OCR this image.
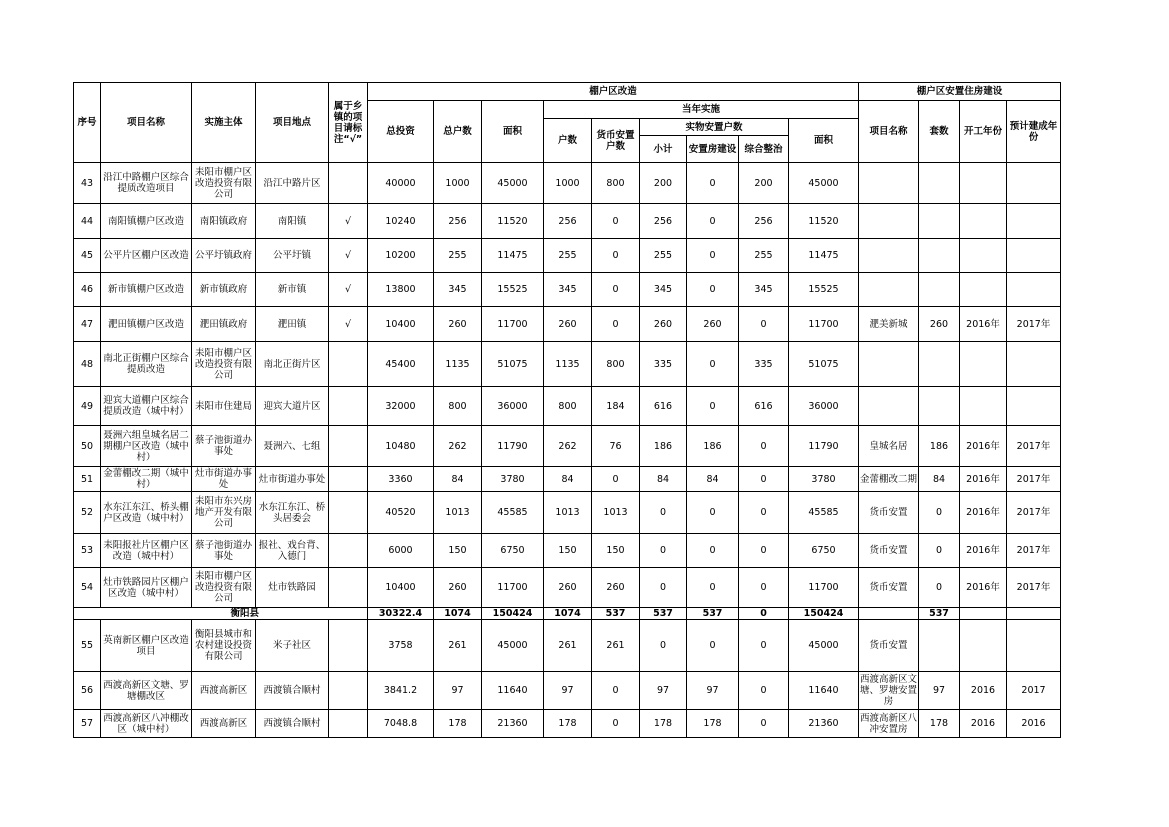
序号	项目名称	实施主体	项目地点	属于乡镇的项目请标注“√”	棚户区改造									棚户区安置住房建设			
					总投资	总户数	面积	当年实施						项目名称	套数	开工年份	预计建成年份
								户数	货币安置户数	实物安置户数			面积				
										小计	安置房建设	综合整治					
43	沿江中路棚户区综合提质改造项目	耒阳市棚户区改造投资有限公司	沿江中路片区		40000	1000	45000	1000	800	200	0	200	45000				
44	南阳镇棚户区改造	南阳镇政府	南阳镇	√	10240	256	11520	256	0	256	0	256	11520				
45	公平片区棚户区改造	公平圩镇政府	公平圩镇	√	10200	255	11475	255	0	255	0	255	11475				
46	新市镇棚户区改造	新市镇政府	新市镇	√	13800	345	15525	345	0	345	0	345	15525				
47	淝田镇棚户区改造	淝田镇政府	淝田镇	√	10400	260	11700	260	0	260	260	0	11700	淝美新城	260	2016年	2017年
48	南北正街棚户区综合提质改造	耒阳市棚户区改造投资有限公司	南北正街片区		45400	1135	51075	1135	800	335	0	335	51075				
49	迎宾大道棚户区综合提质改造（城中村）	耒阳市住建局	迎宾大道片区		32000	800	36000	800	184	616	0	616	36000				
50	聂洲六组皇城名居二期棚户区改造（城中村）	蔡子池街道办事处	聂洲六、七组		10480	262	11790	262	76	186	186	0	11790	皇城名居	186	2016年	2017年
51	金蕾棚改二期（城中村）	灶市街道办事处	灶市街道办事处		3360	84	3780	84	0	84	84	0	3780	金蕾棚改二期	84	2016年	2017年
52	水东江东江、桥头棚户区改造（城中村）	耒阳市东兴房地产开发有限公司	水东江东江、桥头居委会		40520	1013	45585	1013	1013	0	0	0	45585	货币安置	0	2016年	2017年
53	耒阳报社片区棚户区改造（城中村）	蔡子池街道办事处	报社、戏台背、入德门		6000	150	6750	150	150	0	0	0	6750	货币安置	0	2016年	2017年
54	灶市铁路园片区棚户区改造（城中村）	耒阳市棚户区改造投资有限公司	灶市铁路园		10400	260	11700	260	260	0	0	0	11700	货币安置	0	2016年	2017年
衡阳县					30322.4	1074	150424	1074	537	537	537	0	150424		537		
55	英南新区棚户区改造项目	衡阳县城市和农村建设投资有限公司	米子社区		3758	261	45000	261	261	0	0	0	45000	货币安置			
56	西渡高新区文塘、罗塘棚改区	西渡高新区	西渡镇合顺村		3841.2	97	11640	97	0	97	97	0	11640	西渡高新区文塘、罗塘安置房	97	2016	2017
57	西渡高新区八冲棚改区（城中村）	西渡高新区	西渡镇合顺村		7048.8	178	21360	178	0	178	178	0	21360	西渡高新区八冲安置房	178	2016	2016
